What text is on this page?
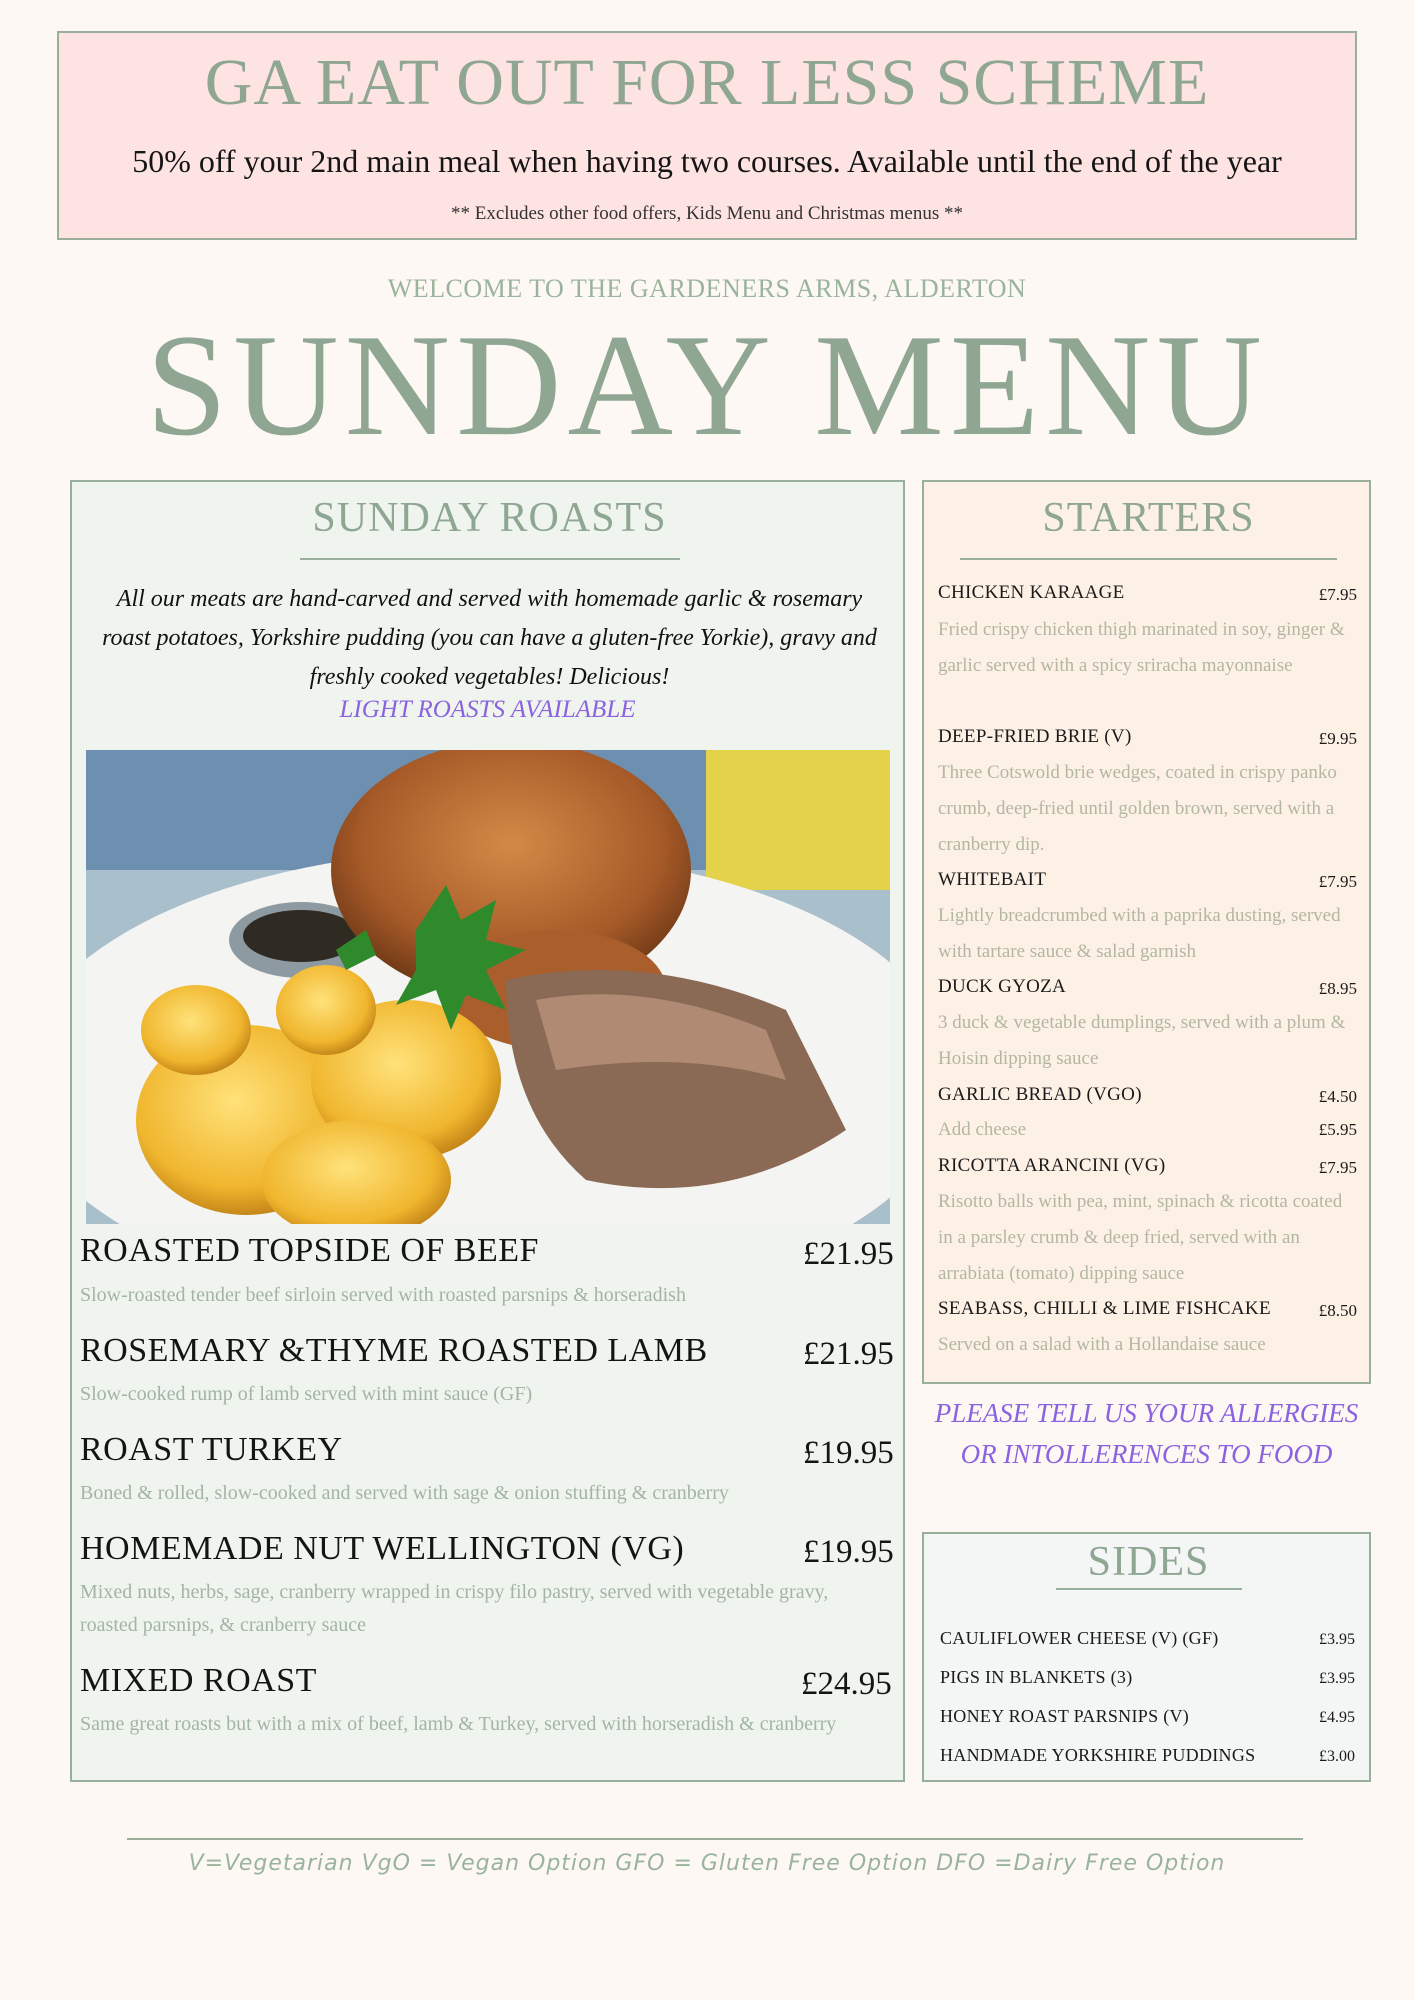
GA EAT OUT FOR LESS SCHEME
50% off your 2nd main meal when having two courses. Available until the end of the year
** Excludes other food offers, Kids Menu and Christmas menus **
WELCOME TO THE GARDENERS ARMS, ALDERTON
SUNDAY MENU
SUNDAY ROASTS
All our meats are hand-carved and served with homemade garlic & rosemary roast potatoes, Yorkshire pudding (you can have a gluten-free Yorkie), gravy and freshly cooked vegetables! Delicious!
LIGHT ROASTS AVAILABLE
ROASTED TOPSIDE OF BEEF	£21.95
Slow-roasted tender beef sirloin served with roasted parsnips & horseradish
ROSEMARY &THYME ROASTED LAMB	£21.95
Slow-cooked rump of lamb served with mint sauce (GF)
ROAST TURKEY	£19.95
Boned & rolled, slow-cooked and served with sage & onion stuffing & cranberry
HOMEMADE NUT WELLINGTON (VG)	£19.95
Mixed nuts, herbs, sage, cranberry wrapped in crispy filo pastry, served with vegetable gravy, roasted parsnips, & cranberry sauce
MIXED ROAST	£24.95
Same great roasts but with a mix of beef, lamb & Turkey, served with horseradish & cranberry
STARTERS
CHICKEN KARAAGE	£7.95
Fried crispy chicken thigh marinated in soy, ginger & garlic served with a spicy sriracha mayonnaise
DEEP-FRIED BRIE (V)	£9.95
Three Cotswold brie wedges, coated in crispy panko crumb, deep-fried until golden brown, served with a cranberry dip.
WHITEBAIT	£7.95
Lightly breadcrumbed with a paprika dusting, served with tartare sauce & salad garnish
DUCK GYOZA	£8.95
3 duck & vegetable dumplings, served with a plum & Hoisin dipping sauce
GARLIC BREAD (VGO)	£4.50
Add cheese	£5.95
RICOTTA ARANCINI (VG)	£7.95
Risotto balls with pea, mint, spinach & ricotta coated in a parsley crumb & deep fried, served with an arrabiata (tomato) dipping sauce
SEABASS, CHILLI & LIME FISHCAKE	£8.50
Served on a salad with a Hollandaise sauce
PLEASE TELL US YOUR ALLERGIES OR INTOLLERENCES TO FOOD
SIDES
CAULIFLOWER CHEESE (V) (GF)	£3.95
PIGS IN BLANKETS (3)	£3.95
HONEY ROAST PARSNIPS (V)	£4.95
HANDMADE YORKSHIRE PUDDINGS	£3.00
V=Vegetarian VgO = Vegan Option GFO = Gluten Free Option DFO =Dairy Free Option
